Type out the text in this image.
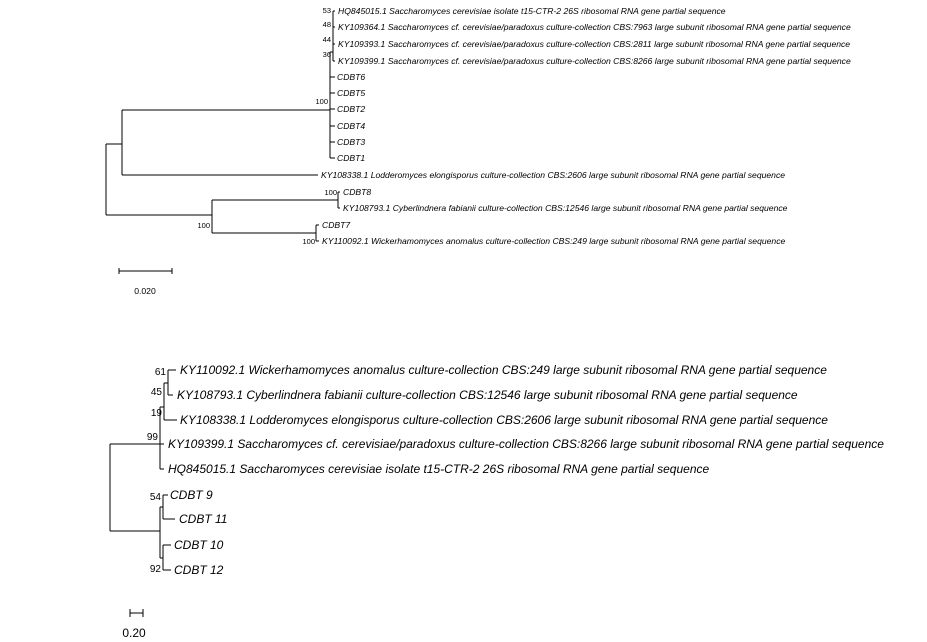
HQ845015.1 Saccharomyces cerevisiae isolate t15-CTR-2 26S ribosomal RNA gene partial sequence
KY109364.1 Saccharomyces cf. cerevisiae/paradoxus culture-collection CBS:7963 large subunit ribosomal RNA gene partial sequence
KY109393.1 Saccharomyces cf. cerevisiae/paradoxus culture-collection CBS:2811 large subunit ribosomal RNA gene partial sequence
KY109399.1 Saccharomyces cf. cerevisiae/paradoxus culture-collection CBS:8266 large subunit ribosomal RNA gene partial sequence
CDBT6
CDBT5
CDBT2
CDBT4
CDBT3
CDBT1
KY108338.1 Lodderomyces elongisporus culture-collection CBS:2606 large subunit ribosomal RNA gene partial sequence
CDBT8
KY108793.1 Cyberlindnera fabianii culture-collection CBS:12546 large subunit ribosomal RNA gene partial sequence
CDBT7
KY110092.1 Wickerhamomyces anomalus culture-collection CBS:249 large subunit ribosomal RNA gene partial sequence
53
48
44
36
100
100
100
100
0.020
KY110092.1 Wickerhamomyces anomalus culture-collection CBS:249 large subunit ribosomal RNA gene partial sequence
KY108793.1 Cyberlindnera fabianii culture-collection CBS:12546 large subunit ribosomal RNA gene partial sequence
KY108338.1 Lodderomyces elongisporus culture-collection CBS:2606 large subunit ribosomal RNA gene partial sequence
KY109399.1 Saccharomyces cf. cerevisiae/paradoxus culture-collection CBS:8266 large subunit ribosomal RNA gene partial sequence
HQ845015.1 Saccharomyces cerevisiae isolate t15-CTR-2 26S ribosomal RNA gene partial sequence
CDBT 9
CDBT 11
CDBT 10
CDBT 12
61
45
19
99
54
92
0.20
